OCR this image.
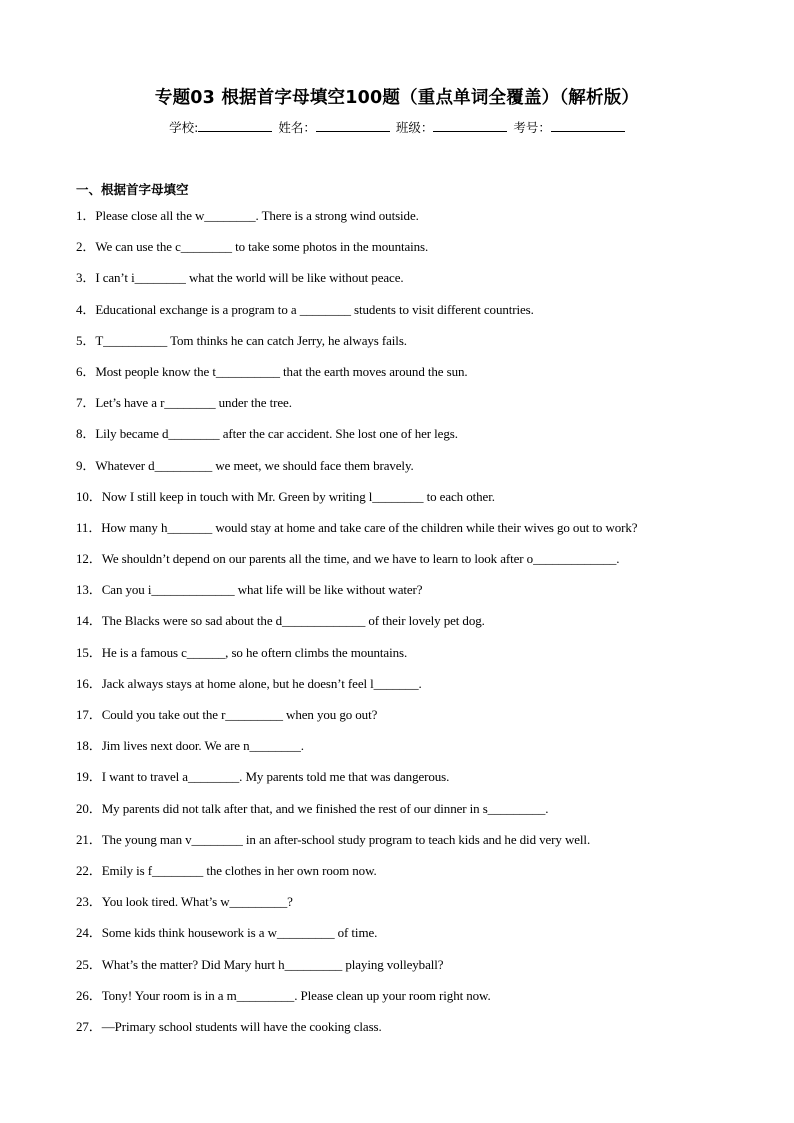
专题03 根据首字母填空100题（重点单词全覆盖）（解析版）
学校:	姓名：	班级：	考号：
一、根据首字母填空
1．Please close all the w________. There is a strong wind outside.
2．We can use the c________ to take some photos in the mountains.
3．I can’t i________ what the world will be like without peace.
4．Educational exchange is a program to a ________ students to visit different countries.
5．T__________ Tom thinks he can catch Jerry, he always fails.
6．Most people know the t__________ that the earth moves around the sun.
7．Let’s have a r________ under the tree.
8．Lily became d________ after the car accident. She lost one of her legs.
9．Whatever d_________ we meet, we should face them bravely.
10．Now I still keep in touch with Mr. Green by writing l________ to each other.
11．How many h_______ would stay at home and take care of the children while their wives go out to work?
12．We shouldn’t depend on our parents all the time, and we have to learn to look after o_____________.
13．Can you i_____________ what life will be like without water?
14．The Blacks were so sad about the d_____________ of their lovely pet dog.
15．He is a famous c______, so he oftern climbs the mountains.
16．Jack always stays at home alone, but he doesn’t feel l_______.
17．Could you take out the r_________ when you go out?
18．Jim lives next door. We are n________.
19．I want to travel a________. My parents told me that was dangerous.
20．My parents did not talk after that, and we finished the rest of our dinner in s_________.
21．The young man v________ in an after-school study program to teach kids and he did very well.
22．Emily is f________ the clothes in her own room now.
23．You look tired. What’s w_________?
24．Some kids think housework is a w_________ of time.
25．What’s the matter? Did Mary hurt h_________ playing volleyball?
26．Tony! Your room is in a m_________. Please clean up your room right now.
27．—Primary school students will have the cooking class.
